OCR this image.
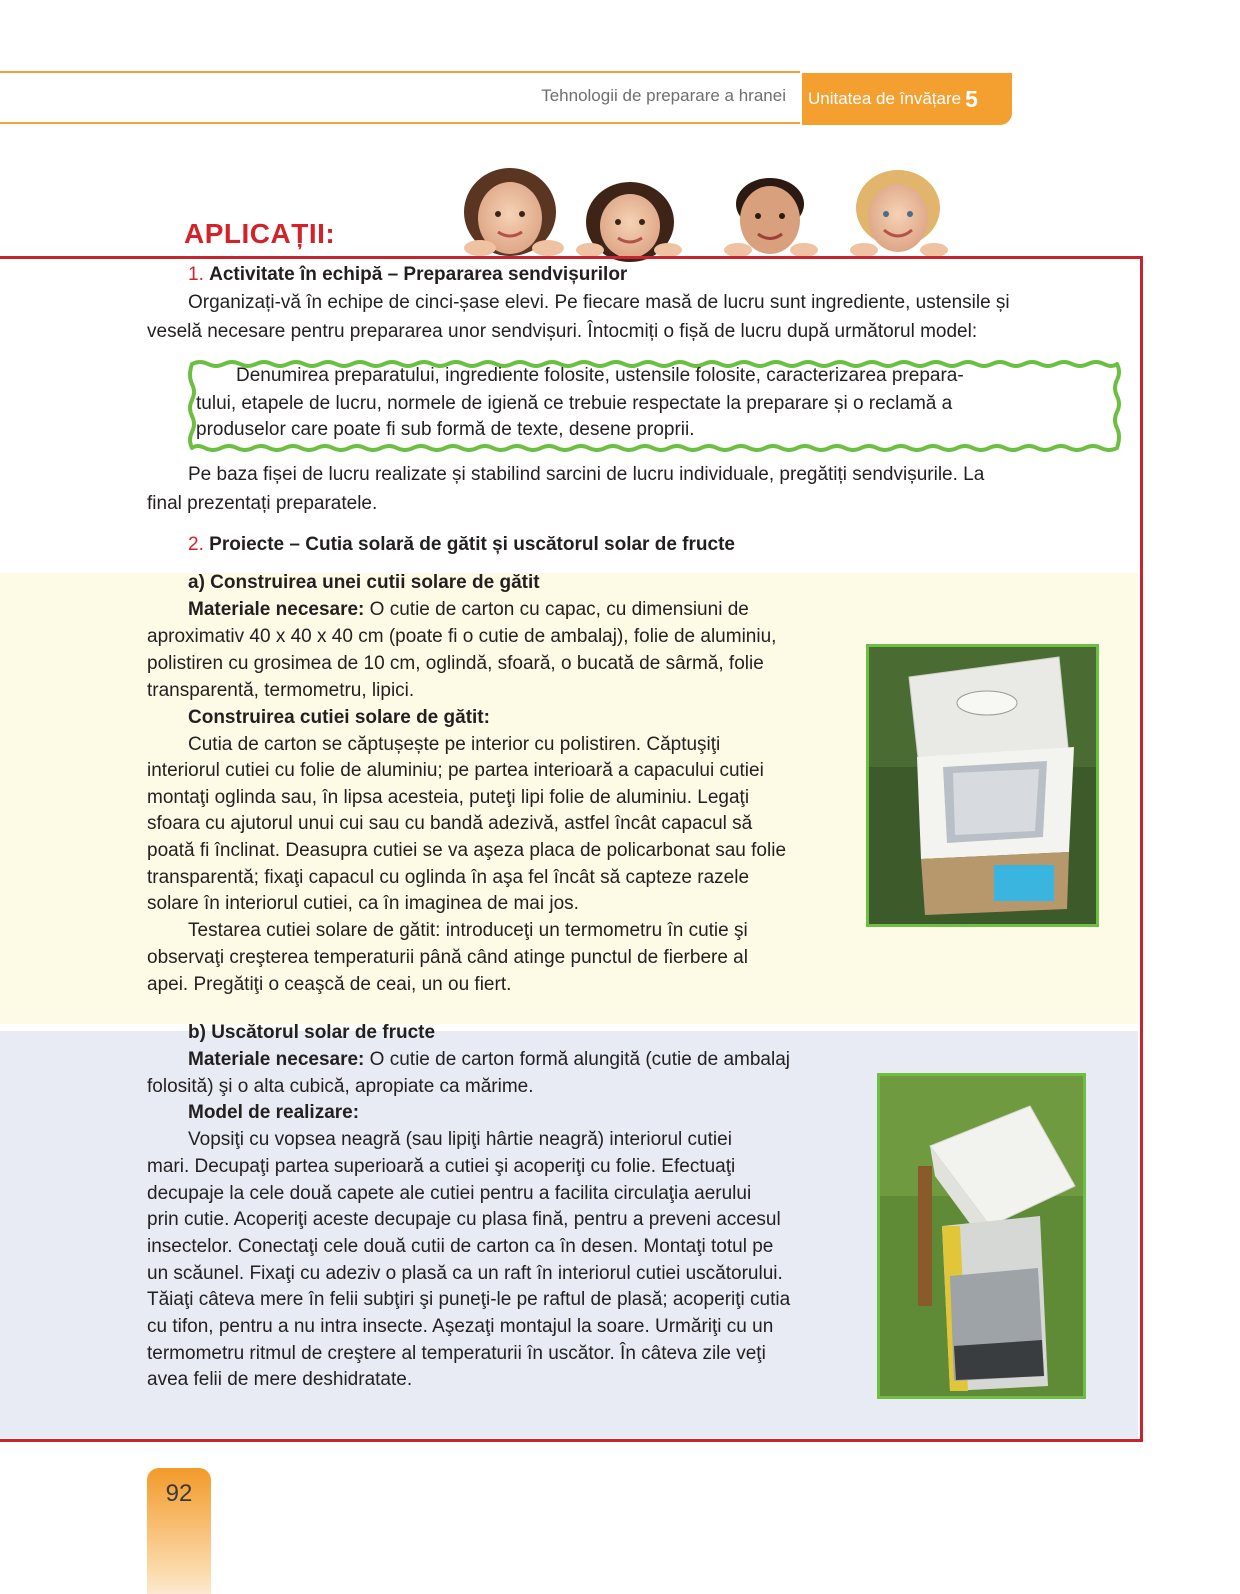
Tehnologii de preparare a hranei Unitatea de învățare 5
APLICAȚII:
1. Activitate în echipă – Prepararea sendvișurilor
Organizați-vă în echipe de cinci-șase elevi. Pe fiecare masă de lucru sunt ingrediente, ustensile și
veselă necesare pentru prepararea unor sendvișuri. Întocmiți o fișă de lucru după următorul model:
Denumirea preparatului, ingrediente folosite, ustensile folosite, caracterizarea prepara-
tului, etapele de lucru, normele de igienă ce trebuie respectate la preparare și o reclamă a
produselor care poate fi sub formă de texte, desene proprii.
Pe baza fișei de lucru realizate și stabilind sarcini de lucru individuale, pregătiți sendvișurile. La
final prezentați preparatele.
2. Proiecte – Cutia solară de gătit și uscătorul solar de fructe
a) Construirea unei cutii solare de gătit
Materiale necesare: O cutie de carton cu capac, cu dimensiuni de
aproximativ 40 x 40 x 40 cm (poate fi o cutie de ambalaj), folie de aluminiu,
polistiren cu grosimea de 10 cm, oglindă, sfoară, o bucată de sârmă, folie
transparentă, termometru, lipici.
Construirea cutiei solare de gătit:
Cutia de carton se căptușește pe interior cu polistiren. Căptuşiţi
interiorul cutiei cu folie de aluminiu; pe partea interioară a capacului cutiei
montaţi oglinda sau, în lipsa acesteia, puteţi lipi folie de aluminiu. Legaţi
sfoara cu ajutorul unui cui sau cu bandă adezivă, astfel încât capacul să
poată fi înclinat. Deasupra cutiei se va aşeza placa de policarbonat sau folie
transparentă; fixaţi capacul cu oglinda în aşa fel încât să capteze razele
solare în interiorul cutiei, ca în imaginea de mai jos.
Testarea cutiei solare de gătit: introduceţi un termometru în cutie şi
observaţi creşterea temperaturii până când atinge punctul de fierbere al
apei. Pregătiţi o ceaşcă de ceai, un ou fiert.
b) Uscătorul solar de fructe
Materiale necesare: O cutie de carton formă alungită (cutie de ambalaj
folosită) şi o alta cubică, apropiate ca mărime.
Model de realizare:
Vopsiţi cu vopsea neagră (sau lipiţi hârtie neagră) interiorul cutiei
mari. Decupaţi partea superioară a cutiei şi acoperiţi cu folie. Efectuaţi
decupaje la cele două capete ale cutiei pentru a facilita circulaţia aerului
prin cutie. Acoperiţi aceste decupaje cu plasa fină, pentru a preveni accesul
insectelor. Conectaţi cele două cutii de carton ca în desen. Montaţi totul pe
un scăunel. Fixaţi cu adeziv o plasă ca un raft în interiorul cutiei uscătorului.
Tăiaţi câteva mere în felii subţiri şi puneţi-le pe raftul de plasă; acoperiţi cutia
cu tifon, pentru a nu intra insecte. Aşezaţi montajul la soare. Urmăriţi cu un
termometru ritmul de creştere al temperaturii în uscător. În câteva zile veţi
avea felii de mere deshidratate.
92
